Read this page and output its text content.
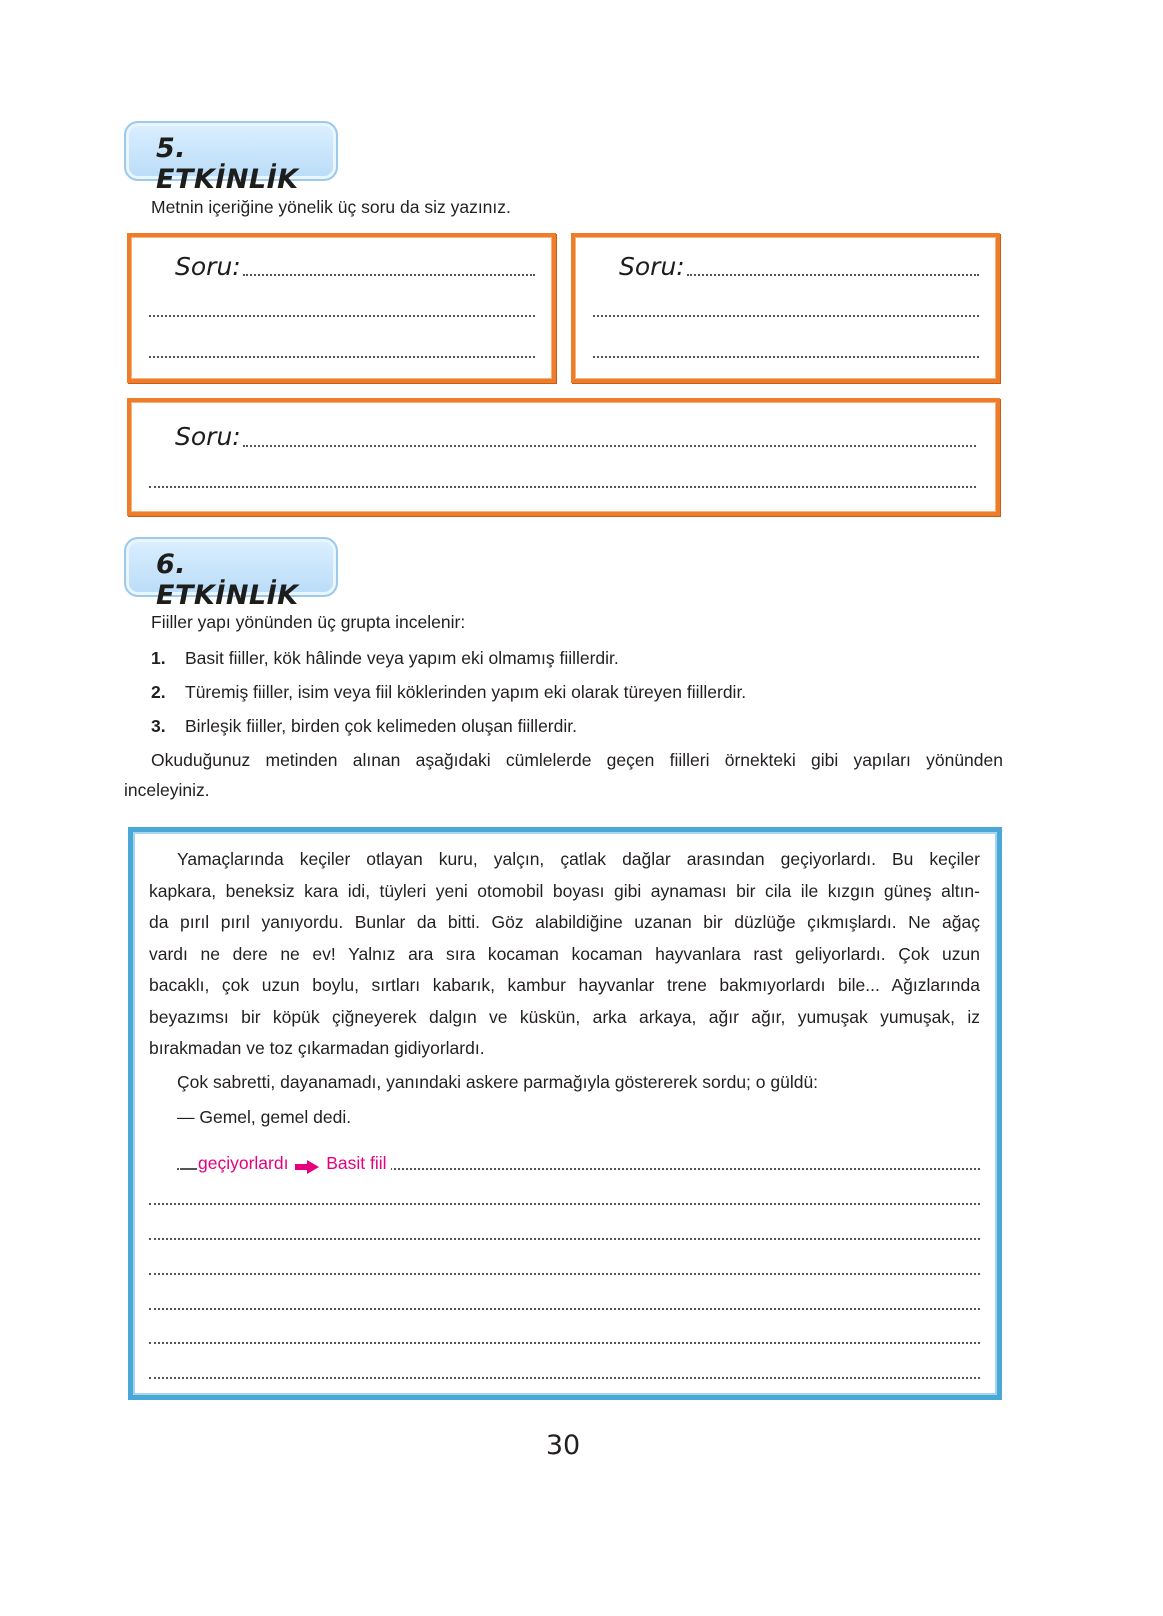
5. ETKİNLİK
Metnin içeriğine yönelik üç soru da siz yazınız.
Soru:	Soru:
Soru:
6. ETKİNLİK
Fiiller yapı yönünden üç grupta incelenir:
1. Basit fiiller, kök hâlinde veya yapım eki olmamış fiillerdir.
2. Türemiş fiiller, isim veya fiil köklerinden yapım eki olarak türeyen fiillerdir.
3. Birleşik fiiller, birden çok kelimeden oluşan fiillerdir.
Okuduğunuz metinden alınan aşağıdaki cümlelerde geçen fiilleri örnekteki gibi yapıları yönünden
inceleyiniz.
Yamaçlarında keçiler otlayan kuru, yalçın, çatlak dağlar arasından geçiyorlardı. Bu keçiler
kapkara, beneksiz kara idi, tüyleri yeni otomobil boyası gibi aynaması bir cila ile kızgın güneş altın-
da pırıl pırıl yanıyordu. Bunlar da bitti. Göz alabildiğine uzanan bir düzlüğe çıkmışlardı. Ne ağaç
vardı ne dere ne ev! Yalnız ara sıra kocaman kocaman hayvanlara rast geliyorlardı. Çok uzun
bacaklı, çok uzun boylu, sırtları kabarık, kambur hayvanlar trene bakmıyorlardı bile... Ağızlarında
beyazımsı bir köpük çiğneyerek dalgın ve küskün, arka arkaya, ağır ağır, yumuşak yumuşak, iz
bırakmadan ve toz çıkarmadan gidiyorlardı.
Çok sabretti, dayanamadı, yanındaki askere parmağıyla göstererek sordu; o güldü:
— Gemel, gemel dedi.
geçiyorlardı Basit fiil
30
